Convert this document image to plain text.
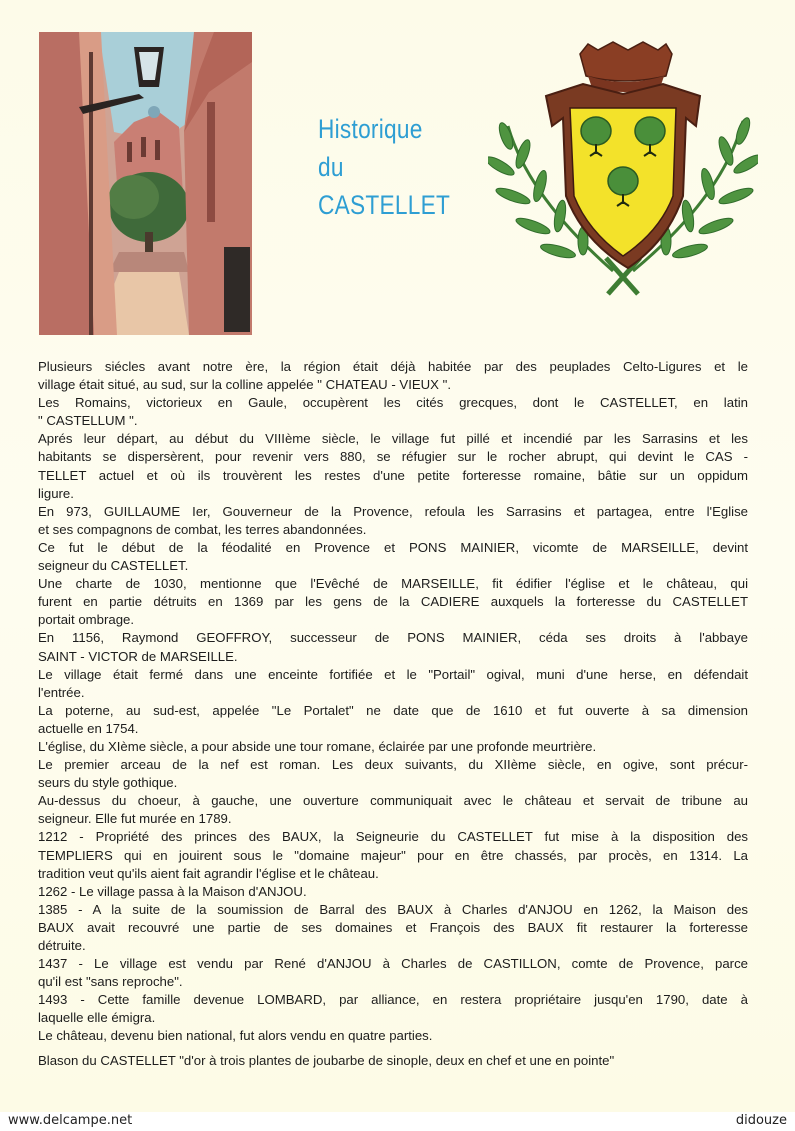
Historique
du
CASTELLET

Plusieurs siécles avant notre ère, la région était déjà habitée par des peuplades Celto-Ligures et le
village était situé, au sud, sur la colline appelée " CHATEAU - VIEUX ".

Les Romains, victorieux en Gaule, occupèrent les cités grecques, dont le CASTELLET, en latin
" CASTELLUM ".

Aprés leur départ, au début du VIIIème siècle, le village fut pillé et incendié par les Sarrasins et les
habitants se dispersèrent, pour revenir vers 880, se réfugier sur le rocher abrupt, qui devint le CAS -
TELLET actuel et où ils trouvèrent les restes d'une petite forteresse romaine, bâtie sur un oppidum
ligure.

En 973, GUILLAUME Ier, Gouverneur de la Provence, refoula les Sarrasins et partagea, entre l'Eglise
et ses compagnons de combat, les terres abandonnées.

Ce fut le début de la féodalité en Provence et PONS MAINIER, vicomte de MARSEILLE, devint
seigneur du CASTELLET.

Une charte de 1030, mentionne que l'Evêché de MARSEILLE, fit édifier l'église et le château, qui
furent en partie détruits en 1369 par les gens de la CADIERE auxquels la forteresse du CASTELLET
portait ombrage.

En 1156, Raymond GEOFFROY, successeur de PONS MAINIER, céda ses droits à l'abbaye
SAINT - VICTOR de MARSEILLE.

Le village était fermé dans une enceinte fortifiée et le "Portail" ogival, muni d'une herse, en défendait
l'entrée.

La poterne, au sud-est, appelée "Le Portalet" ne date que de 1610 et fut ouverte à sa dimension
actuelle en 1754.

L'église, du XIème siècle, a pour abside une tour romane, éclairée par une profonde meurtrière.

Le premier arceau de la nef est roman. Les deux suivants, du XIIème siècle, en ogive, sont précur-
seurs du style gothique.

Au-dessus du choeur, à gauche, une ouverture communiquait avec le château et servait de tribune au
seigneur. Elle fut murée en 1789.

1212 - Propriété des princes des BAUX, la Seigneurie du CASTELLET fut mise à la disposition des
TEMPLIERS qui en jouirent sous le "domaine majeur" pour en être chassés, par procès, en 1314. La
tradition veut qu'ils aient fait agrandir l'église et le château.

1262 - Le village passa à la Maison d'ANJOU.

1385 - A la suite de la soumission de Barral des BAUX à Charles d'ANJOU en 1262, la Maison des
BAUX avait recouvré une partie de ses domaines et François des BAUX fit restaurer la forteresse
détruite.

1437 - Le village est vendu par René d'ANJOU à Charles de CASTILLON, comte de Provence, parce
qu'il est "sans reproche".

1493 - Cette famille devenue LOMBARD, par alliance, en restera propriétaire jusqu'en 1790, date à
laquelle elle émigra.

Le château, devenu bien national, fut alors vendu en quatre parties.

Blason du CASTELLET "d'or à trois plantes de joubarbe de sinople, deux en chef et une en pointe"

www.delcampe.net	didouze
